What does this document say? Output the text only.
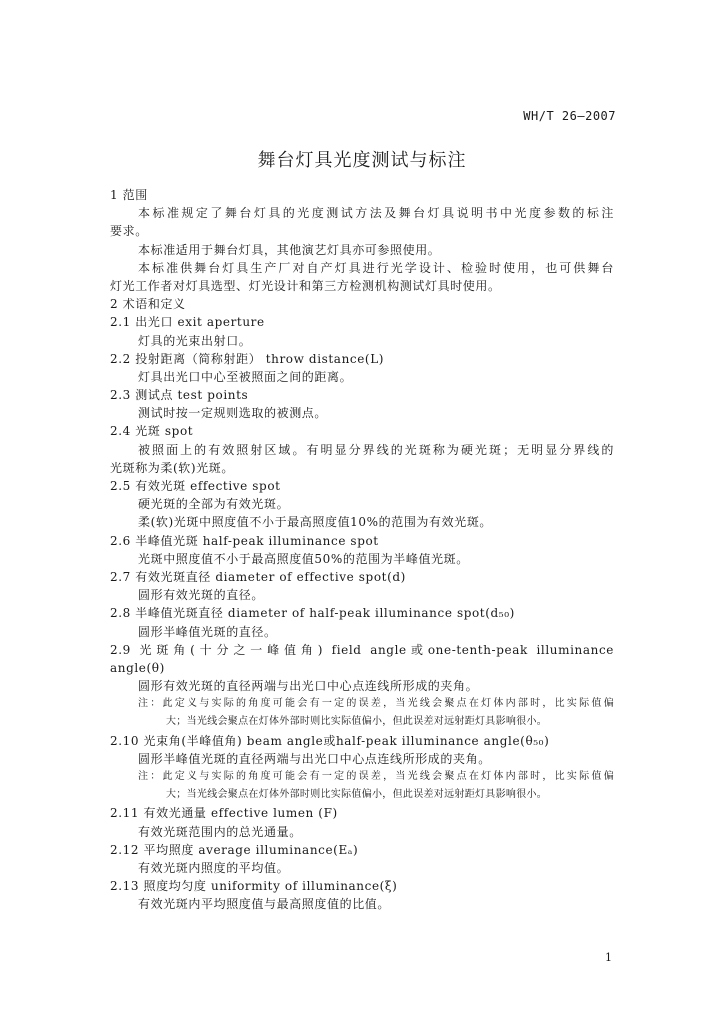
WH/T 26—2007
舞台灯具光度测试与标注
1 范围
本标准规定了舞台灯具的光度测试方法及舞台灯具说明书中光度参数的标注
要求。
本标准适用于舞台灯具，其他演艺灯具亦可参照使用。
本标准供舞台灯具生产厂对自产灯具进行光学设计、检验时使用，也可供舞台
灯光工作者对灯具选型、灯光设计和第三方检测机构测试灯具时使用。
2 术语和定义
2.1 出光口 exit aperture
灯具的光束出射口。
2.2 投射距离（简称射距） throw distance(L)
灯具出光口中心至被照面之间的距离。
2.3 测试点 test points
测试时按一定规则选取的被测点。
2.4 光斑 spot
被照面上的有效照射区域。有明显分界线的光斑称为硬光斑；无明显分界线的
光斑称为柔(软)光斑。
2.5 有效光斑 effective spot
硬光斑的全部为有效光斑。
柔(软)光斑中照度值不小于最高照度值10%的范围为有效光斑。
2.6 半峰值光斑 half-peak illuminance spot
光斑中照度值不小于最高照度值50%的范围为半峰值光斑。
2.7 有效光斑直径 diameter of effective spot(d)
圆形有效光斑的直径。
2.8 半峰值光斑直径 diameter of half-peak illuminance spot(d₅₀)
圆形半峰值光斑的直径。
2.9 光斑角(十分之一峰值角) field angle或one-tenth-peak illuminance
angle(θ)
圆形有效光斑的直径两端与出光口中心点连线所形成的夹角。
注：此定义与实际的角度可能会有一定的误差，当光线会聚点在灯体内部时，比实际值偏
大；当光线会聚点在灯体外部时则比实际值偏小，但此误差对远射距灯具影响很小。
2.10 光束角(半峰值角) beam angle或half-peak illuminance angle(θ₅₀)
圆形半峰值光斑的直径两端与出光口中心点连线所形成的夹角。
注：此定义与实际的角度可能会有一定的误差，当光线会聚点在灯体内部时，比实际值偏
大；当光线会聚点在灯体外部时则比实际值偏小，但此误差对远射距灯具影响很小。
2.11 有效光通量 effective lumen (F)
有效光斑范围内的总光通量。
2.12 平均照度 average illuminance(Eₐ)
有效光斑内照度的平均值。
2.13 照度均匀度 uniformity of illuminance(ξ)
有效光斑内平均照度值与最高照度值的比值。
1
